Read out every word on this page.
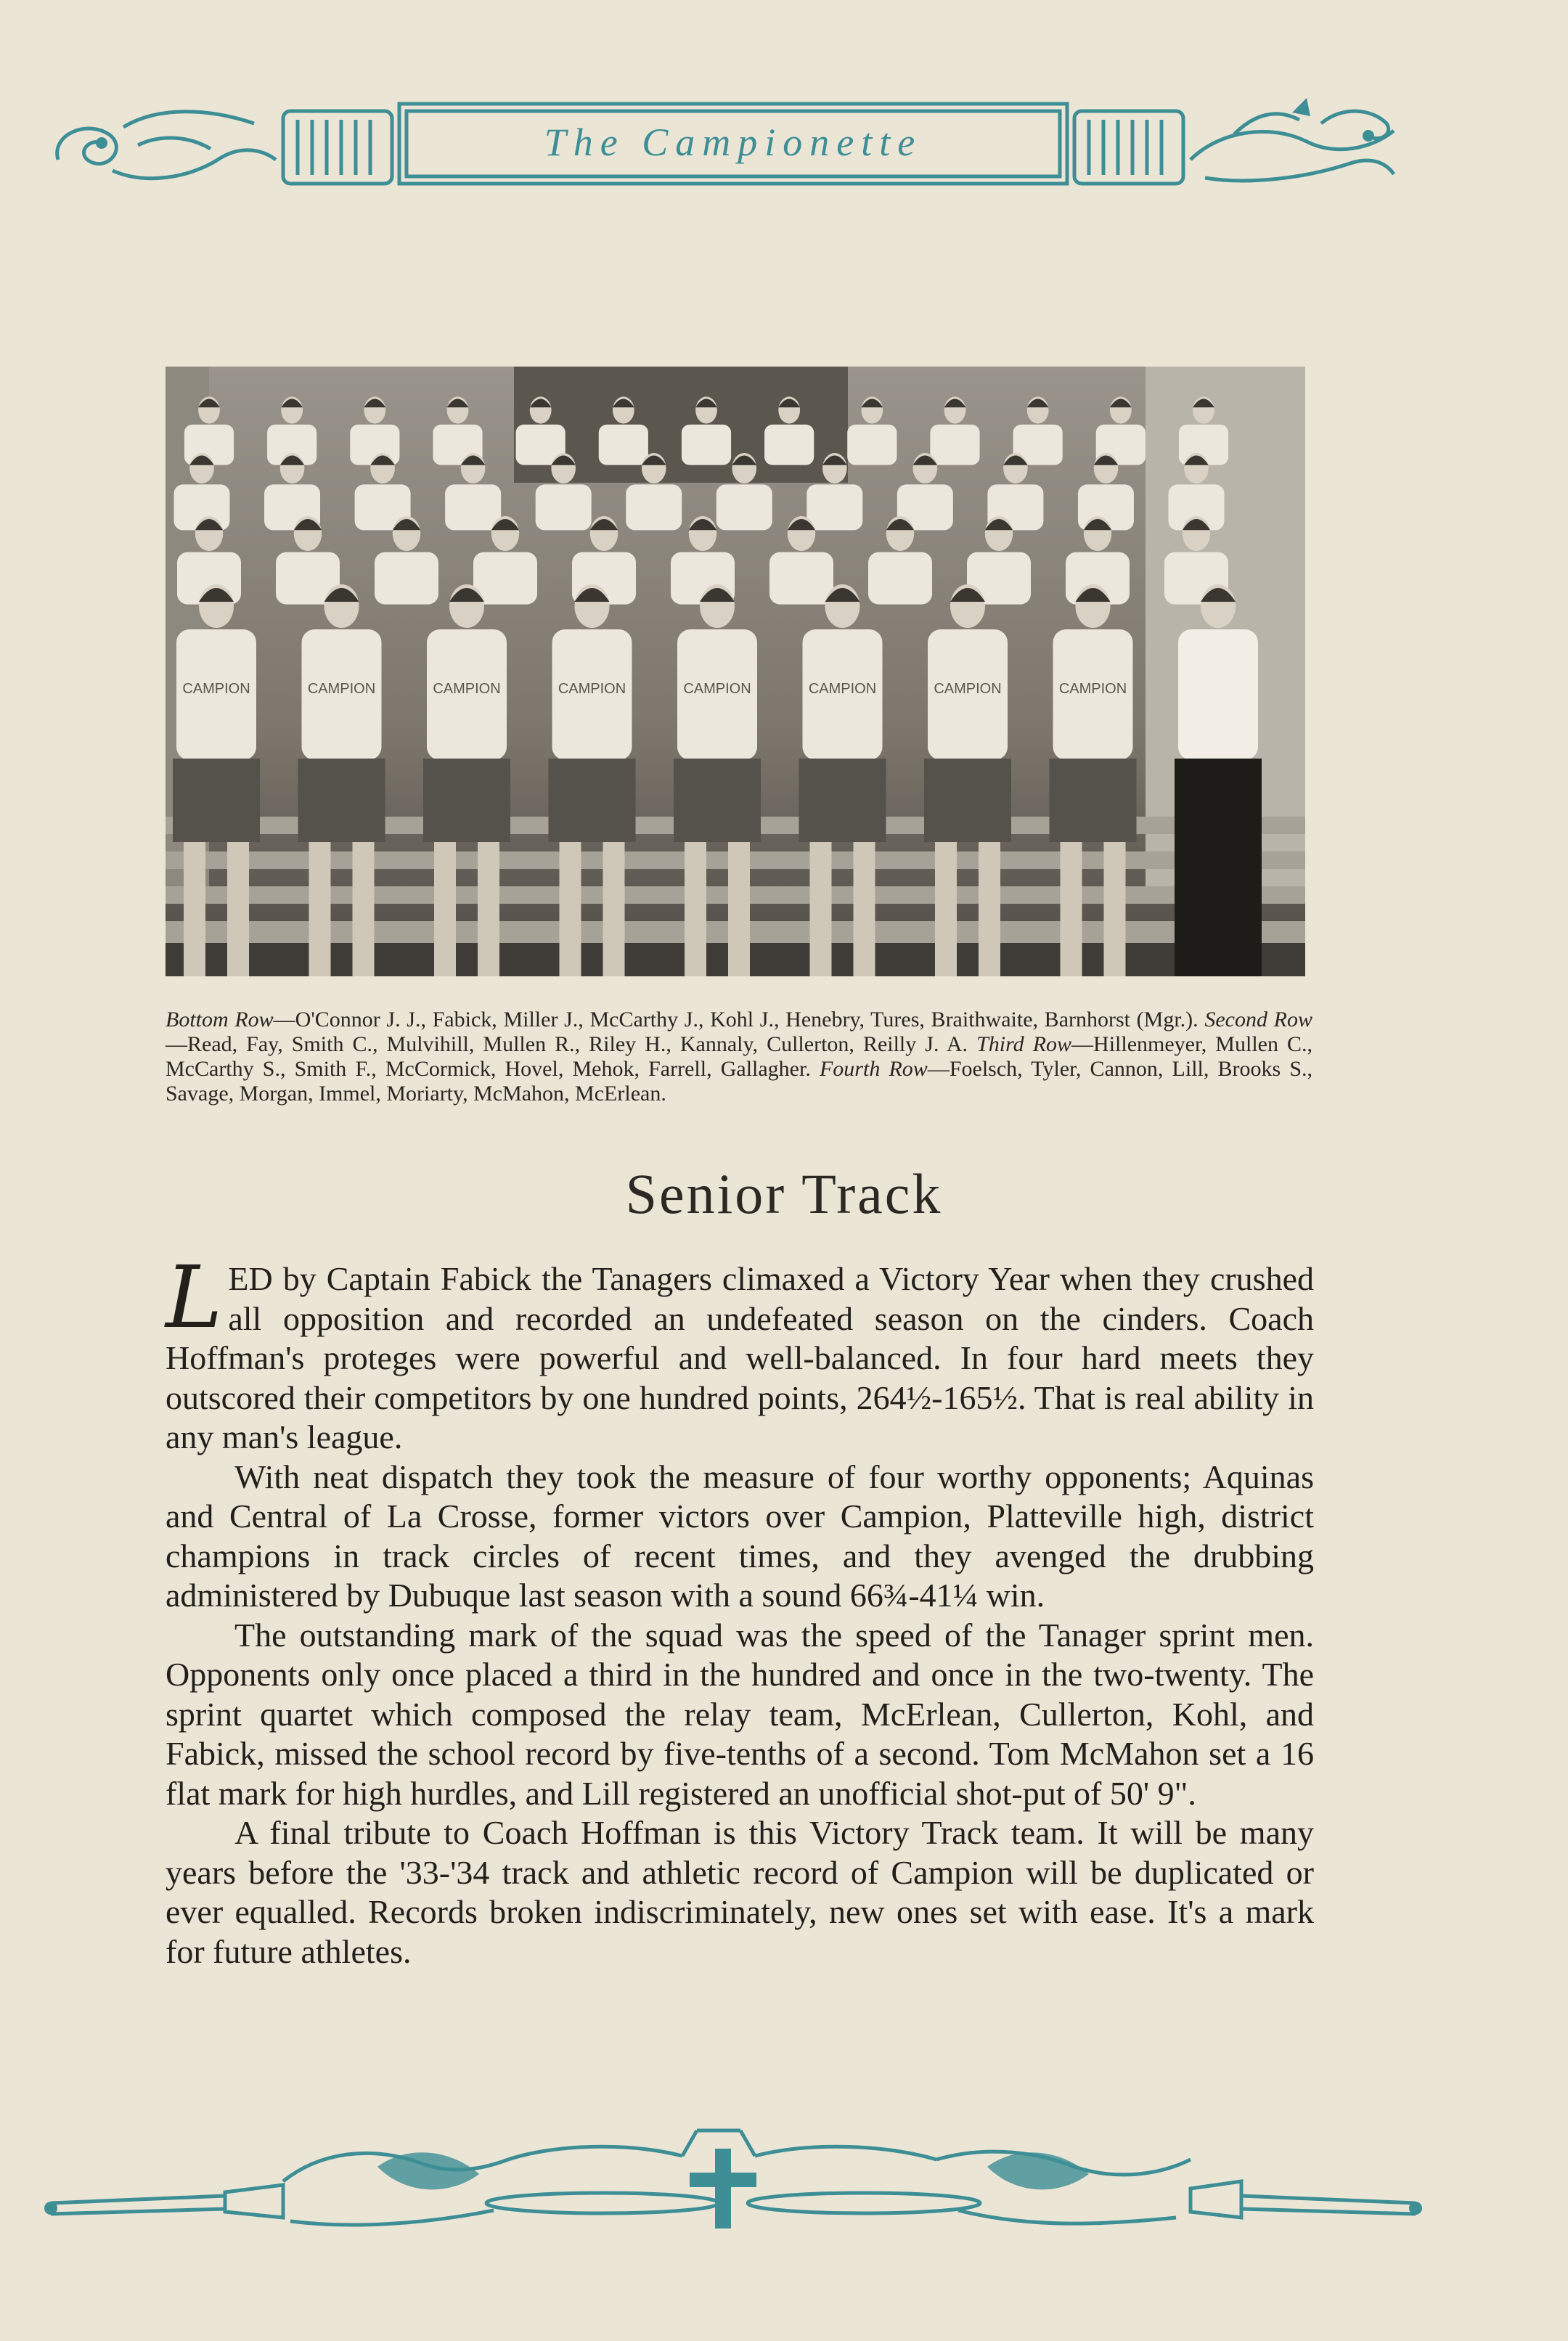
The Campionette
CAMPION	CAMPION	CAMPION	CAMPION	CAMPION	CAMPION	CAMPION	CAMPION
Bottom Row—O'Connor J. J., Fabick, Miller J., McCarthy J., Kohl J., Henebry, Tures, Braithwaite, Barnhorst (Mgr.). Second Row—Read, Fay, Smith C., Mulvihill, Mullen R., Riley H., Kannaly, Cullerton, Reilly J. A. Third Row—Hillenmeyer, Mullen C., McCarthy S., Smith F., McCormick, Hovel, Mehok, Farrell, Gallagher. Fourth Row—Foelsch, Tyler, Cannon, Lill, Brooks S., Savage, Morgan, Immel, Moriarty, McMahon, McErlean.
Senior Track

LED by Captain Fabick the Tanagers climaxed a Victory Year when they crushed all opposition and recorded an undefeated season on the cinders. Coach Hoffman's proteges were powerful and well-balanced. In four hard meets they outscored their competitors by one hundred points, 264½-165½. That is real ability in any man's league.

With neat dispatch they took the measure of four worthy opponents; Aquinas and Central of La Crosse, former victors over Campion, Platteville high, district champions in track circles of recent times, and they avenged the drubbing administered by Dubuque last season with a sound 66¾-41¼ win.

The outstanding mark of the squad was the speed of the Tanager sprint men. Opponents only once placed a third in the hundred and once in the two-twenty. The sprint quartet which composed the relay team, McErlean, Cullerton, Kohl, and Fabick, missed the school record by five-tenths of a second. Tom McMahon set a 16 flat mark for high hurdles, and Lill registered an unofficial shot-put of 50' 9".

A final tribute to Coach Hoffman is this Victory Track team. It will be many years before the '33-'34 track and athletic record of Campion will be duplicated or ever equalled. Records broken indiscriminately, new ones set with ease. It's a mark for future athletes.
